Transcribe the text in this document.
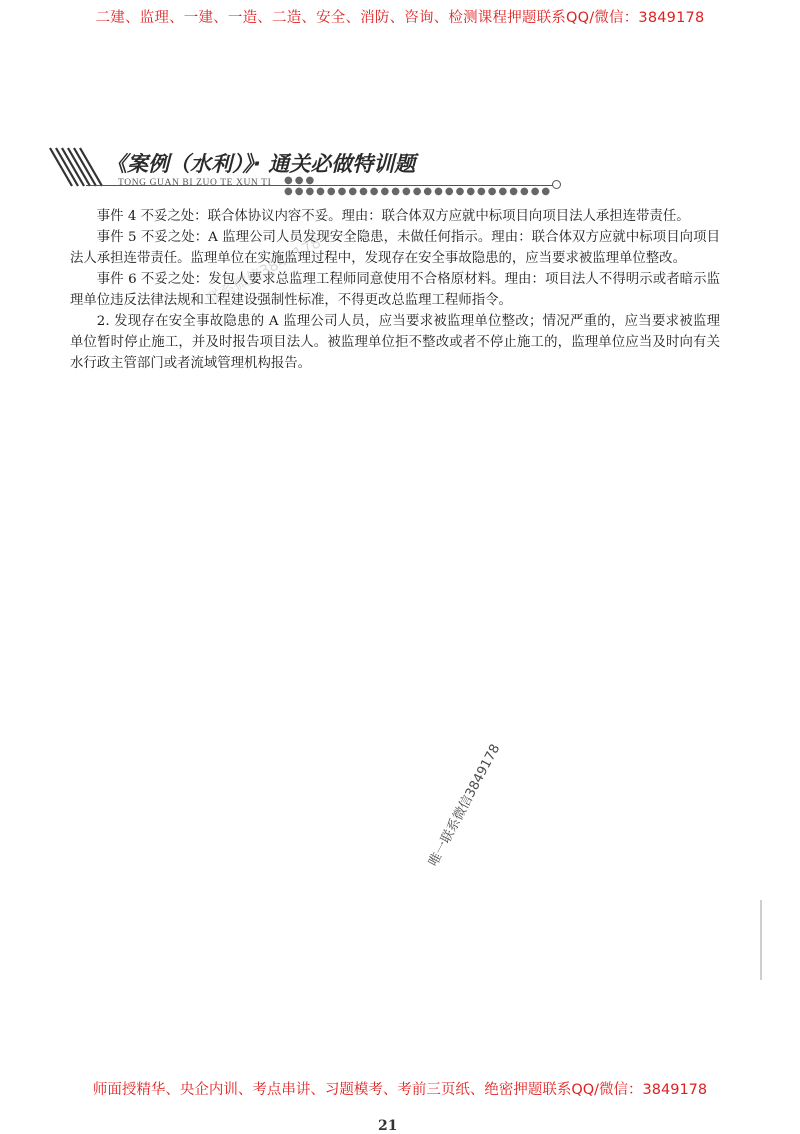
二建、监理、一建、一造、二造、安全、消防、咨询、检测课程押题联系QQ/微信：3849178
《案例（水利）》· 通关必做特训题
TONG GUAN BI ZUO TE XUN TI ●●● ●●●●●●●●●●●●●●●●●●●●●●●●●

事件 4 不妥之处：联合体协议内容不妥。理由：联合体双方应就中标项目向项目法人承担连带责任。

事件 5 不妥之处：A 监理公司人员发现安全隐患，未做任何指示。理由：联合体双方应就中标项目向项目法人承担连带责任。监理单位在实施监理过程中，发现存在安全事故隐患的，应当要求被监理单位整改。

事件 6 不妥之处：发包人要求总监理工程师同意使用不合格原材料。理由：项目法人不得明示或者暗示监理单位违反法律法规和工程建设强制性标准，不得更改总监理工程师指令。

2. 发现存在安全事故隐患的 A 监理公司人员，应当要求被监理单位整改；情况严重的，应当要求被监理单位暂时停止施工，并及时报告项目法人。被监理单位拒不整改或者不停止施工的，监理单位应当及时向有关水行政主管部门或者流域管理机构报告。

联系微信3849178
唯一联系微信3849178
师面授精华、央企内训、考点串讲、习题模考、考前三页纸、绝密押题联系QQ/微信：3849178
21
